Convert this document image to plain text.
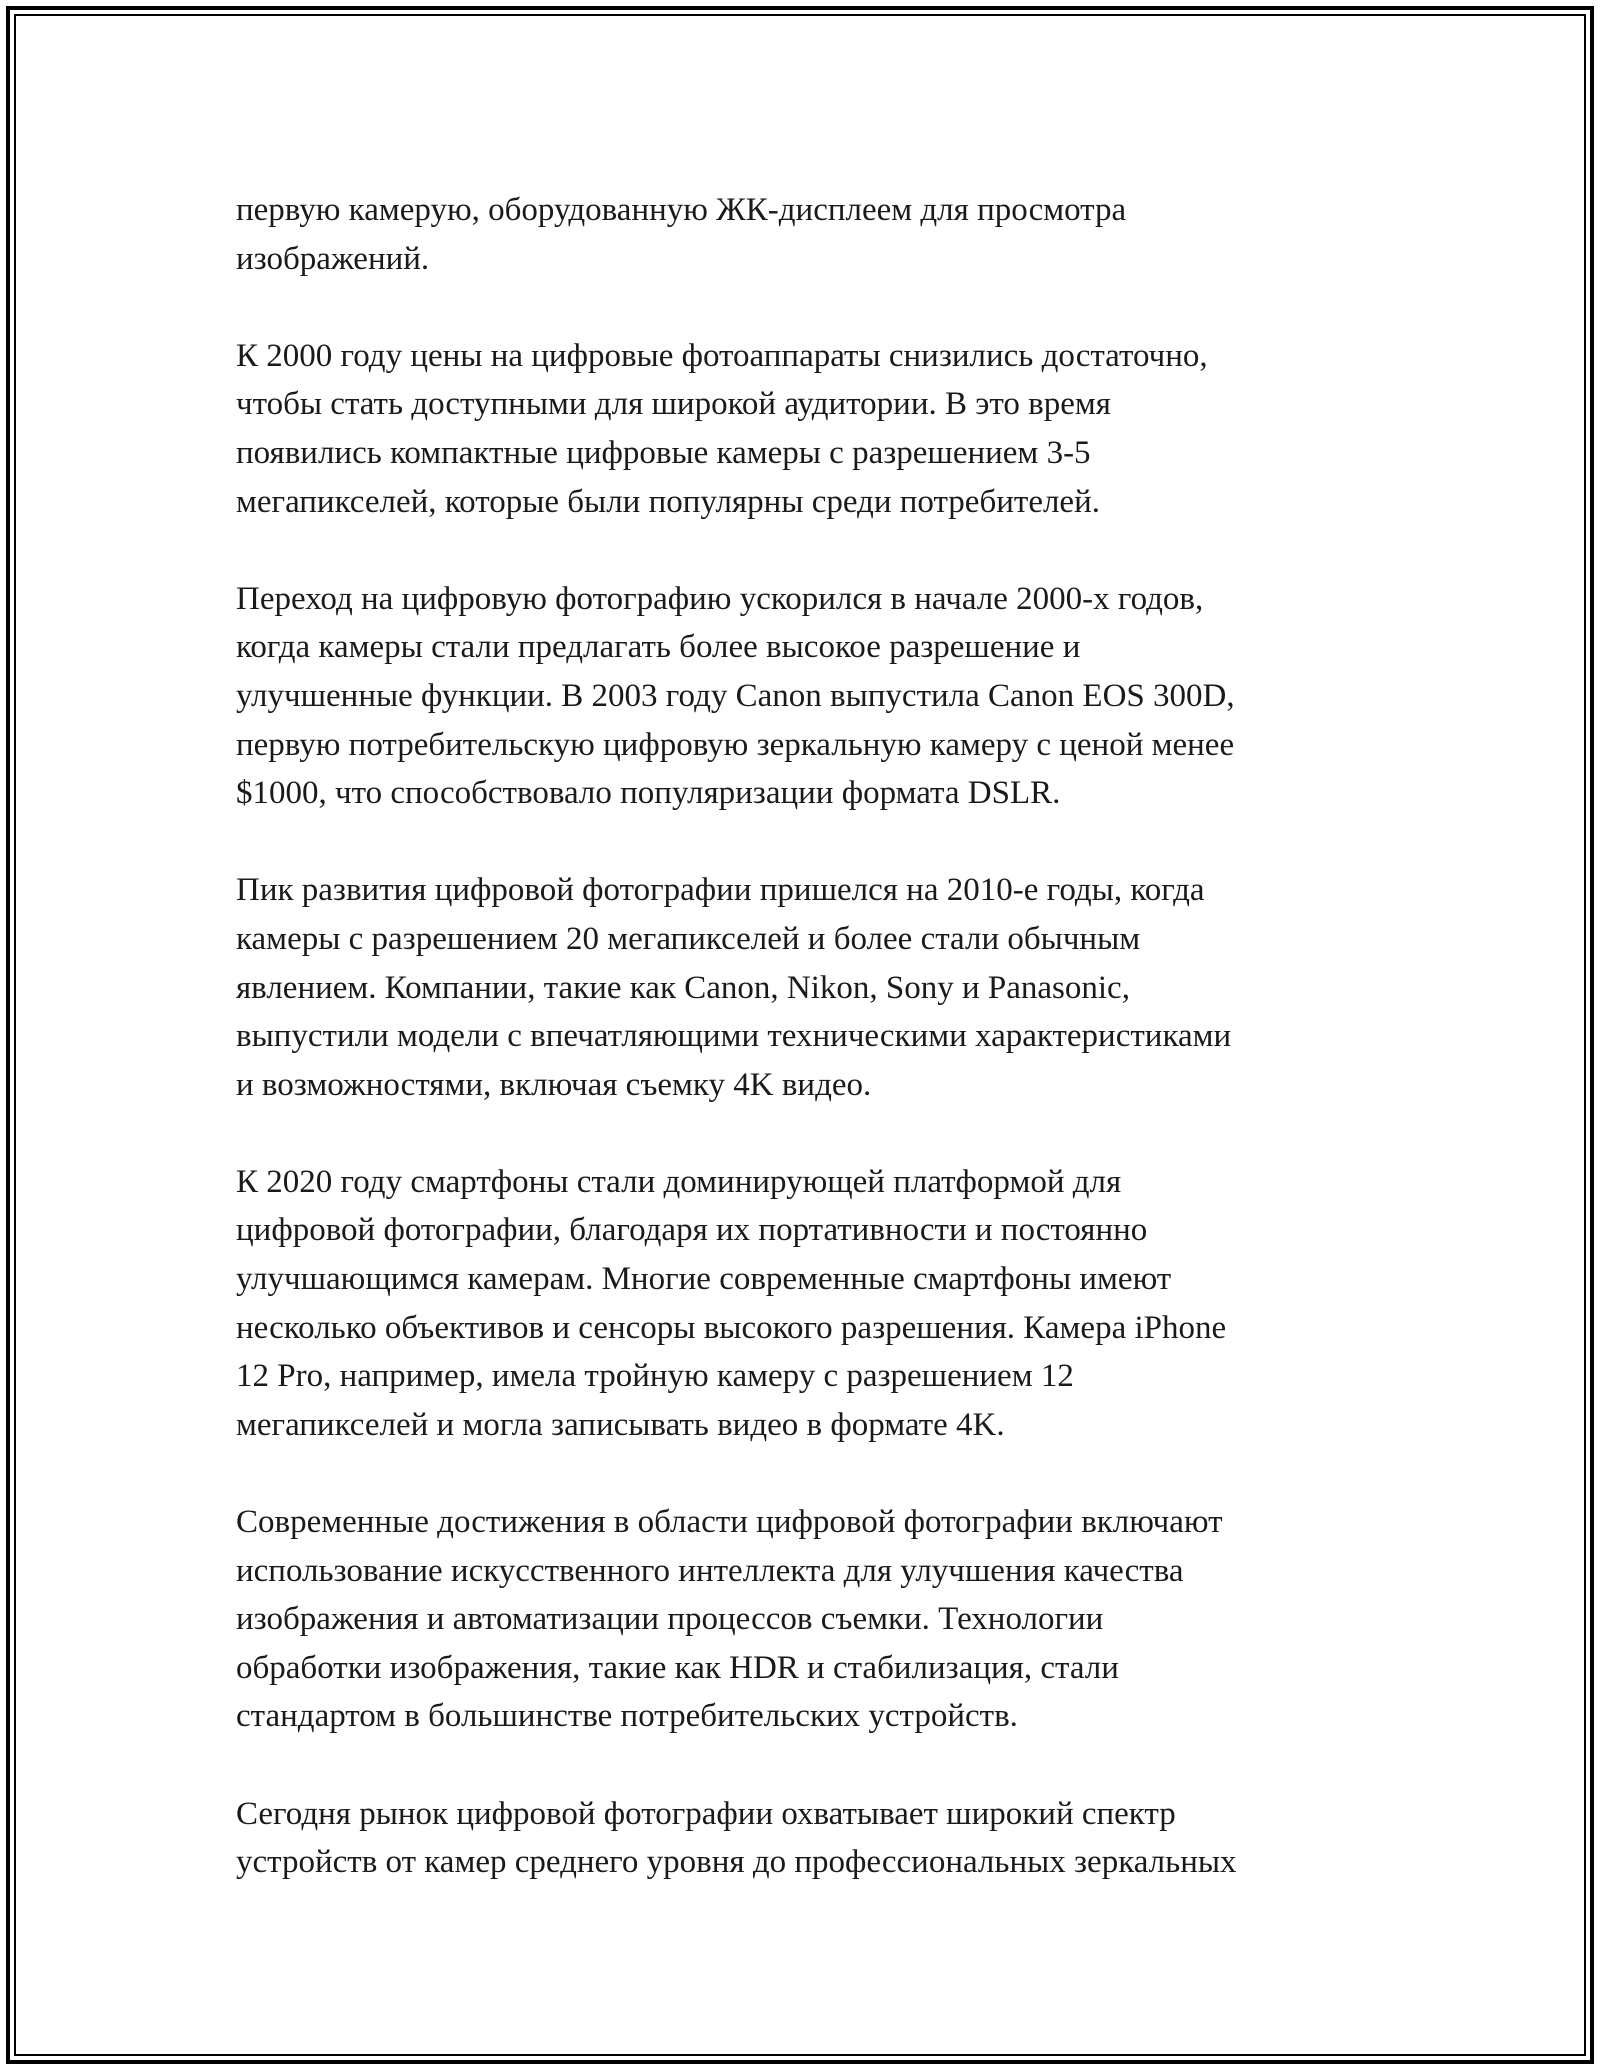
первую камерую, оборудованную ЖК-дисплеем для просмотра
изображений.

К 2000 году цены на цифровые фотоаппараты снизились достаточно,
чтобы стать доступными для широкой аудитории. В это время
появились компактные цифровые камеры с разрешением 3-5
мегапикселей, которые были популярны среди потребителей.

Переход на цифровую фотографию ускорился в начале 2000-х годов,
когда камеры стали предлагать более высокое разрешение и
улучшенные функции. В 2003 году Canon выпустила Canon EOS 300D,
первую потребительскую цифровую зеркальную камеру с ценой менее
$1000, что способствовало популяризации формата DSLR.

Пик развития цифровой фотографии пришелся на 2010-е годы, когда
камеры с разрешением 20 мегапикселей и более стали обычным
явлением. Компании, такие как Canon, Nikon, Sony и Panasonic,
выпустили модели с впечатляющими техническими характеристиками
и возможностями, включая съемку 4K видео.

К 2020 году смартфоны стали доминирующей платформой для
цифровой фотографии, благодаря их портативности и постоянно
улучшающимся камерам. Многие современные смартфоны имеют
несколько объективов и сенсоры высокого разрешения. Камера iPhone
12 Pro, например, имела тройную камеру с разрешением 12
мегапикселей и могла записывать видео в формате 4K.

Современные достижения в области цифровой фотографии включают
использование искусственного интеллекта для улучшения качества
изображения и автоматизации процессов съемки. Технологии
обработки изображения, такие как HDR и стабилизация, стали
стандартом в большинстве потребительских устройств.

Сегодня рынок цифровой фотографии охватывает широкий спектр
устройств от камер среднего уровня до профессиональных зеркальных
